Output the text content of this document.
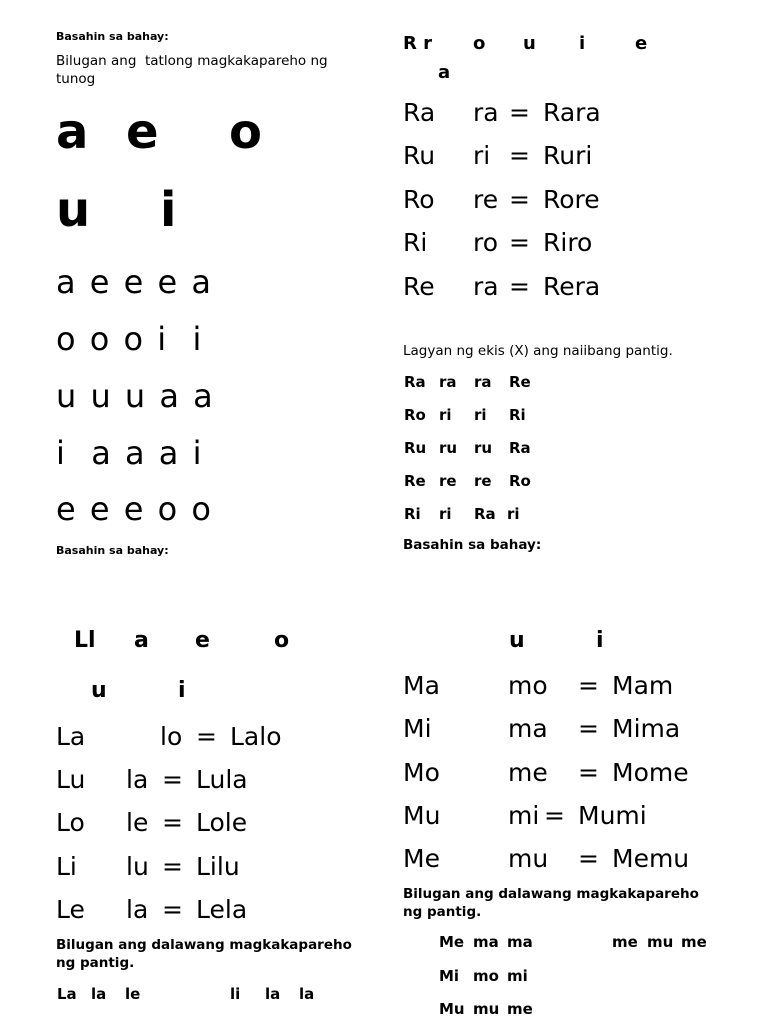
Basahin sa bahay:
Bilugan ang  tatlong magkakapareho ng
tunog
a e o
u i
a e e e a
o o o i  i
u u u a a
i  a a a i
e e e o o
Basahin sa bahay:
R r o u i	e
a
Ra ra = Rara
Ru ri = Ruri
Ro re = Rore
Ri ro = Riro
Re ra = Rera
Lagyan ng ekis (X) ang naiibang pantig.
Ra ra ra Re
Ro ri ri Ri
Ru ru ru Ra
Re re re Ro
Ri ri Ra ri
Basahin sa bahay:
Ll a e	o
u	i
La	lo = Lalo
Lu la = Lula
Lo le = Lole
Li lu = Lilu
Le la = Lela
Bilugan ang dalawang magkakapareho
ng pantig.
La la le	li la la
u	i
Ma	mo = Mam
Mi	ma = Mima
Mo	me = Mome
Mu	mi = Mumi
Me	mu = Memu
Bilugan ang dalawang magkakapareho
ng pantig.
Me ma ma	me mu me
Mi mo mi
Mu mu me
